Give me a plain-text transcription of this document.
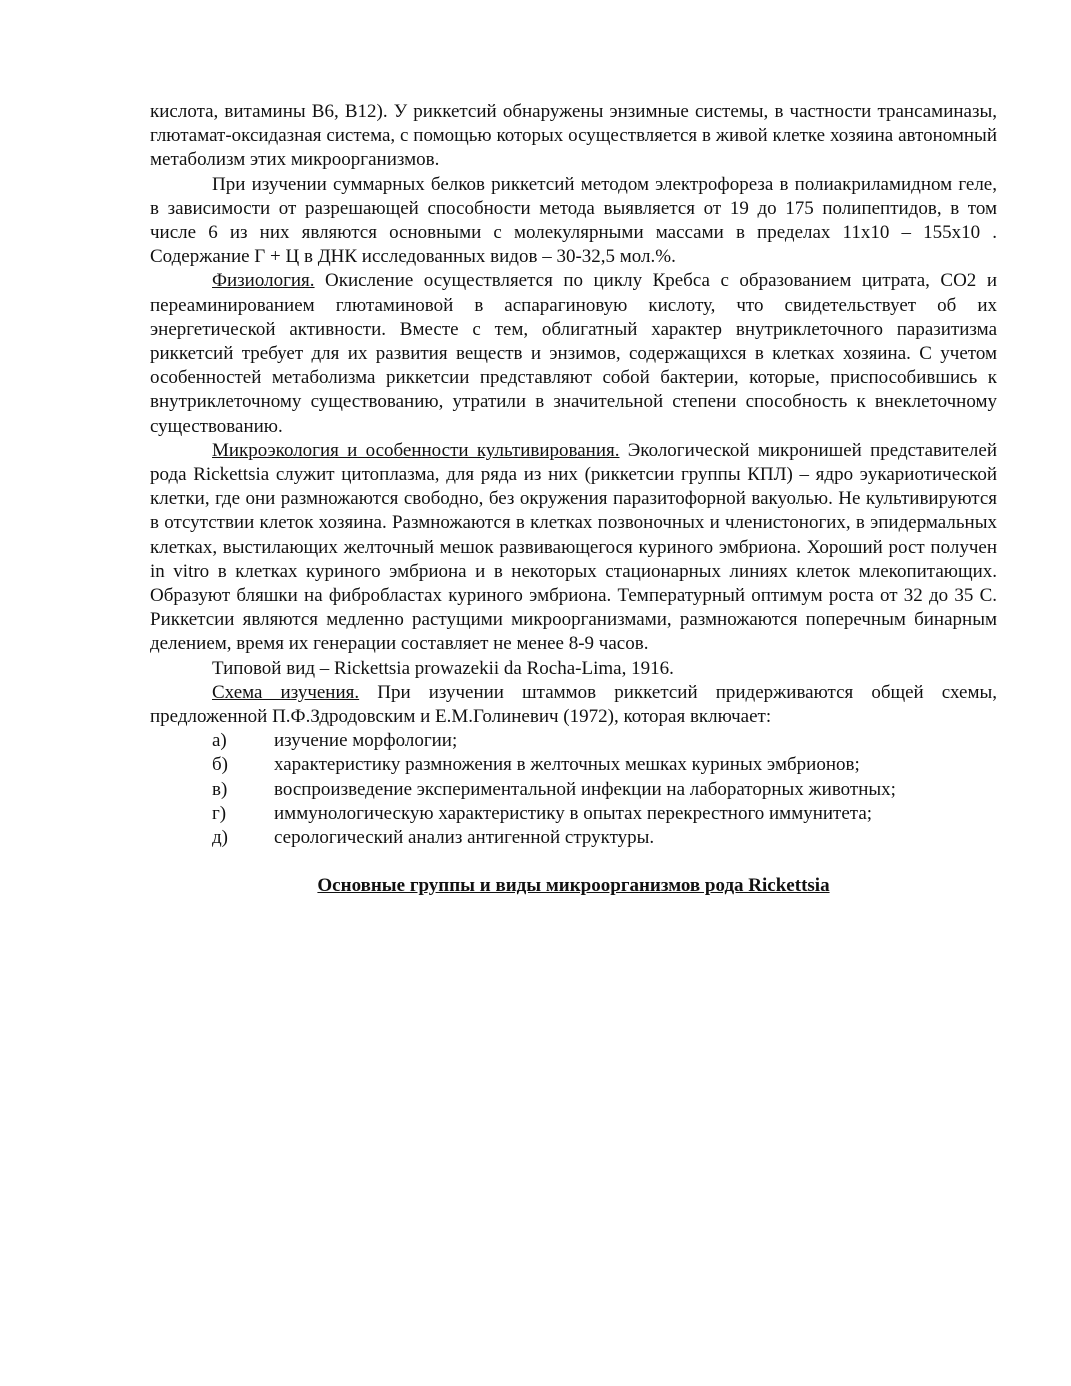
кислота, витамины В6, В12). У риккетсий обнаружены энзимные системы, в частности трансаминазы, глютамат-оксидазная система, с помощью которых осуществляется в живой клетке хозяина автономный метаболизм этих микроорганизмов.

При изучении суммарных белков риккетсий методом электрофореза в полиакриламидном геле, в зависимости от разрешающей способности метода выявляется от 19 до 175 полипептидов, в том числе 6 из них являются основными с молекулярными массами в пределах 11х10 – 155х10 . Содержание Г + Ц в ДНК исследованных видов – 30-32,5 мол.%.

Физиология. Окисление осуществляется по циклу Кребса с образованием цитрата, СО2 и переаминированием глютаминовой в аспарагиновую кислоту, что свидетельствует об их энергетической активности. Вместе с тем, облигатный характер внутриклеточного паразитизма риккетсий требует для их развития веществ и энзимов, содержащихся в клетках хозяина. С учетом особенностей метаболизма риккетсии представляют собой бактерии, которые, приспособившись к внутриклеточному существованию, утратили в значительной степени способность к внеклеточному существованию.

Микроэкология и особенности культивирования. Экологической микронишей представителей рода Rickettsia служит цитоплазма, для ряда из них (риккетсии группы КПЛ) – ядро эукариотической клетки, где они размножаются свободно, без окружения паразитофорной вакуолью. Не культивируются в отсутствии клеток хозяина. Размножаются в клетках позвоночных и членистоногих, в эпидермальных клетках, выстилающих желточный мешок развивающегося куриного эмбриона. Хороший рост получен in vitro в клетках куриного эмбриона и в некоторых стационарных линиях клеток млекопитающих. Образуют бляшки на фибробластах куриного эмбриона. Температурный оптимум роста от 32 до 35 С. Риккетсии являются медленно растущими микроорганизмами, размножаются поперечным бинарным делением, время их генерации составляет не менее 8-9 часов.

Типовой вид – Rickettsia prowazekii da Rocha-Lima, 1916.

Схема изучения. При изучении штаммов риккетсий придерживаются общей схемы, предложенной П.Ф.Здродовским и Е.М.Голиневич (1972), которая включает:

а)	изучение морфологии;
б)	характеристику размножения в желточных мешках куриных эмбрионов;
в)	воспроизведение экспериментальной инфекции на лабораторных животных;
г)	иммунологическую характеристику в опытах перекрестного иммунитета;
д)	серологический анализ антигенной структуры.

Основные группы и виды микроорганизмов рода Rickettsia
